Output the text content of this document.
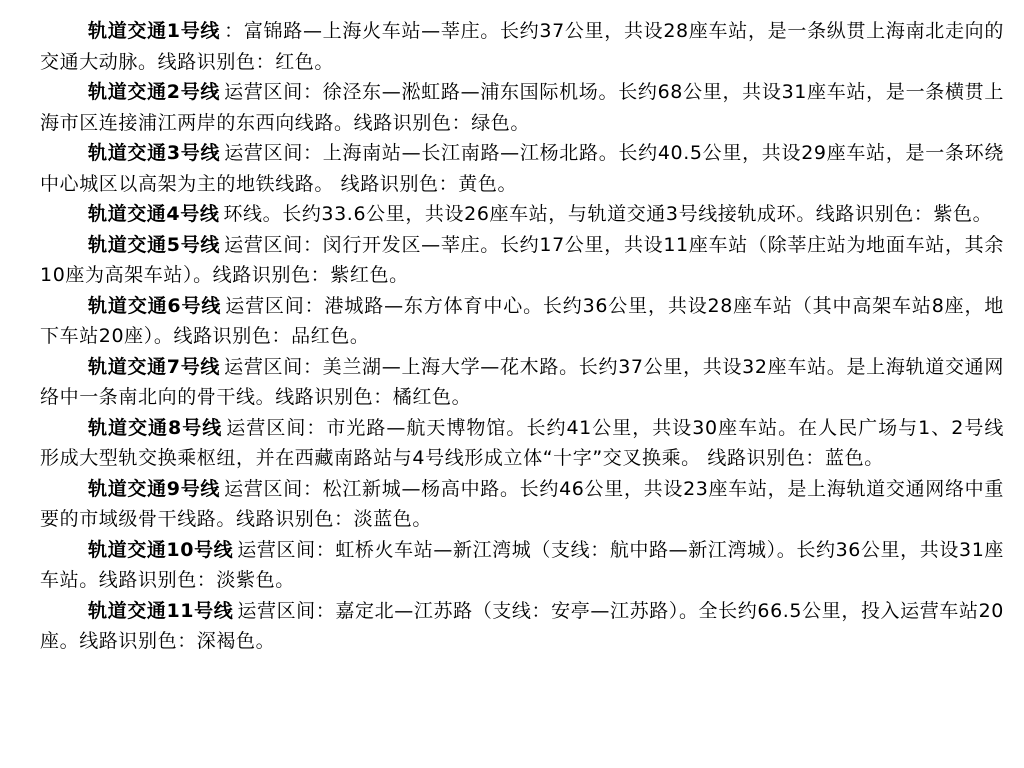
轨道交通1号线 ：富锦路—上海火车站—莘庄。长约37公里，共设28座车站，是一条纵贯上海南北走向的交通大动脉。线路识别色：红色。

轨道交通2号线 运营区间：徐泾东—淞虹路—浦东国际机场。长约68公里，共设31座车站，是一条横贯上海市区连接浦江两岸的东西向线路。线路识别色：绿色。

轨道交通3号线 运营区间：上海南站—长江南路—江杨北路。长约40.5公里，共设29座车站，是一条环绕中心城区以高架为主的地铁线路。 线路识别色：黄色。

轨道交通4号线 环线。长约33.6公里，共设26座车站，与轨道交通3号线接轨成环。线路识别色：紫色。

轨道交通5号线 运营区间：闵行开发区—莘庄。长约17公里，共设11座车站（除莘庄站为地面车站，其余10座为高架车站）。线路识别色：紫红色。

轨道交通6号线 运营区间：港城路—东方体育中心。长约36公里，共设28座车站（其中高架车站8座，地下车站20座）。线路识别色：品红色。

轨道交通7号线 运营区间：美兰湖—上海大学—花木路。长约37公里，共设32座车站。是上海轨道交通网络中一条南北向的骨干线。线路识别色：橘红色。

轨道交通8号线 运营区间：市光路—航天博物馆。长约41公里，共设30座车站。在人民广场与1、2号线形成大型轨交换乘枢纽，并在西藏南路站与4号线形成立体“十字”交叉换乘。 线路识别色：蓝色。

轨道交通9号线 运营区间：松江新城—杨高中路。长约46公里，共设23座车站，是上海轨道交通网络中重要的市域级骨干线路。线路识别色：淡蓝色。

轨道交通10号线 运营区间：虹桥火车站—新江湾城（支线：航中路—新江湾城）。长约36公里，共设31座车站。线路识别色：淡紫色。

轨道交通11号线 运营区间：嘉定北—江苏路（支线：安亭—江苏路）。全长约66.5公里，投入运营车站20座。线路识别色：深褐色。
